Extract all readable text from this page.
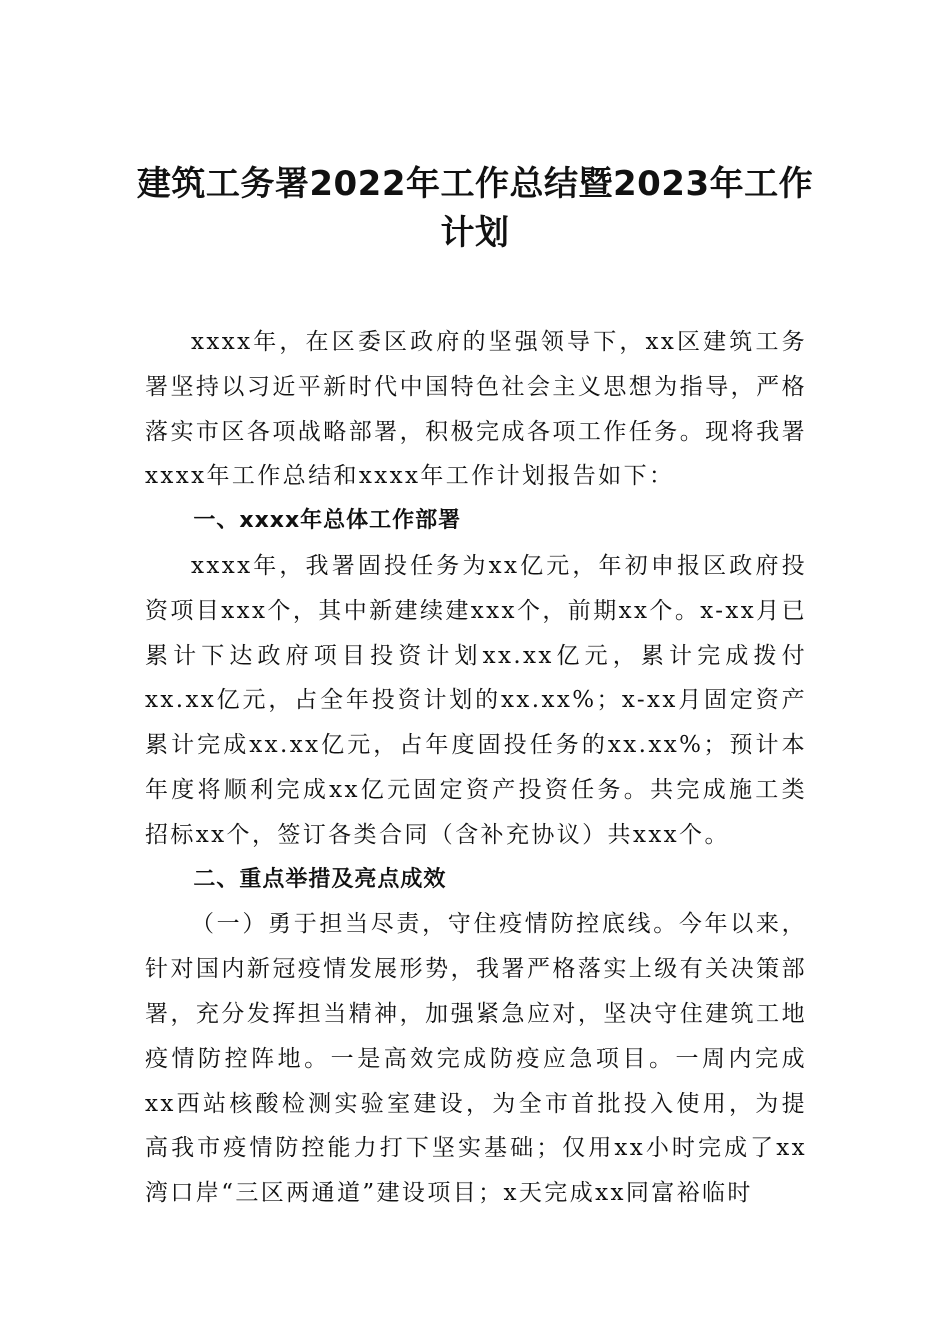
建筑工务署2022年工作总结暨2023年工作计划

xxxx年，在区委区政府的坚强领导下，xx区建筑工务署坚持以习近平新时代中国特色社会主义思想为指导，严格落实市区各项战略部署，积极完成各项工作任务。现将我署xxxx年工作总结和xxxx年工作计划报告如下：

一、xxxx年总体工作部署

xxxx年，我署固投任务为xx亿元，年初申报区政府投资项目xxx个，其中新建续建xxx个，前期xx个。x-xx月已累计下达政府项目投资计划xx.xx亿元，累计完成拨付xx.xx亿元，占全年投资计划的xx.xx%；x-xx月固定资产累计完成xx.xx亿元，占年度固投任务的xx.xx%；预计本年度将顺利完成xx亿元固定资产投资任务。共完成施工类招标xx个，签订各类合同（含补充协议）共xxx个。

二、重点举措及亮点成效

（一）勇于担当尽责，守住疫情防控底线。今年以来，针对国内新冠疫情发展形势，我署严格落实上级有关决策部署，充分发挥担当精神，加强紧急应对，坚决守住建筑工地疫情防控阵地。一是高效完成防疫应急项目。一周内完成xx西站核酸检测实验室建设，为全市首批投入使用，为提高我市疫情防控能力打下坚实基础；仅用xx小时完成了xx湾口岸“三区两通道”建设项目；x天完成xx同富裕临时
